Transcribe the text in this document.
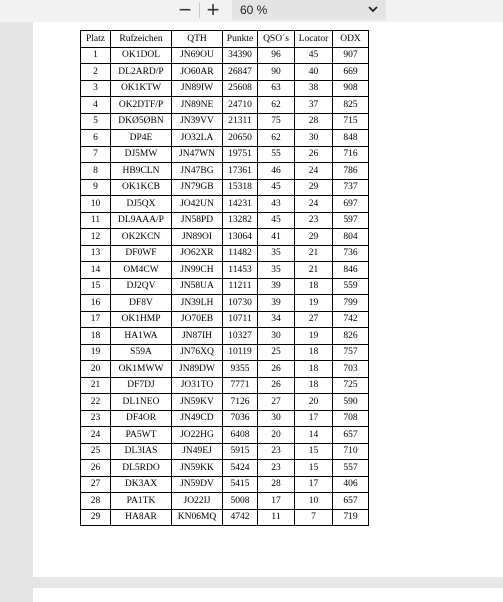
− + 60 %
Platz	Rufzeichen	QTH	Punkte	QSO´s	Locator	ODX
1	OK1DOL	JN69OU	34390	96	45	907
2	DL2ARD/P	JO60AR	26847	90	40	669
3	OK1KTW	JN89IW	25608	63	38	908
4	OK2DTF/P	JN89NE	24710	62	37	825
5	DKØ5ØBN	JN39VV	21311	75	28	715
6	DP4E	JO32LA	20650	62	30	848
7	DJ5MW	JN47WN	19751	55	26	716
8	HB9CLN	JN47BG	17361	46	24	786
9	OK1KCB	JN79GB	15318	45	29	737
10	DJ5QX	JO42UN	14231	43	24	697
11	DL9AAA/P	JN58PD	13282	45	23	597
12	OK2KCN	JN89OI	13064	41	29	804
13	DF0WF	JO62XR	11482	35	21	736
14	OM4CW	JN99CH	11453	35	21	846
15	DJ2QV	JN58UA	11211	39	18	559
16	DF8V	JN39LH	10730	39	19	799
17	OK1HMP	JO70EB	10711	34	27	742
18	HA1WA	JN87IH	10327	30	19	826
19	S59A	JN76XQ	10119	25	18	757
20	OK1MWW	JN89DW	9355	26	18	703
21	DF7DJ	JO31TO	7771	26	18	725
22	DL1NEO	JN59KV	7126	27	20	590
23	DF4OR	JN49CD	7036	30	17	708
24	PA5WT	JO22HG	6408	20	14	657
25	DL3IAS	JN49EJ	5915	23	15	710
26	DL5RDO	JN59KK	5424	23	15	557
27	DK3AX	JN59DV	5415	28	17	406
28	PA1TK	JO22IJ	5008	17	10	657
29	HA8AR	KN06MQ	4742	11	7	719
